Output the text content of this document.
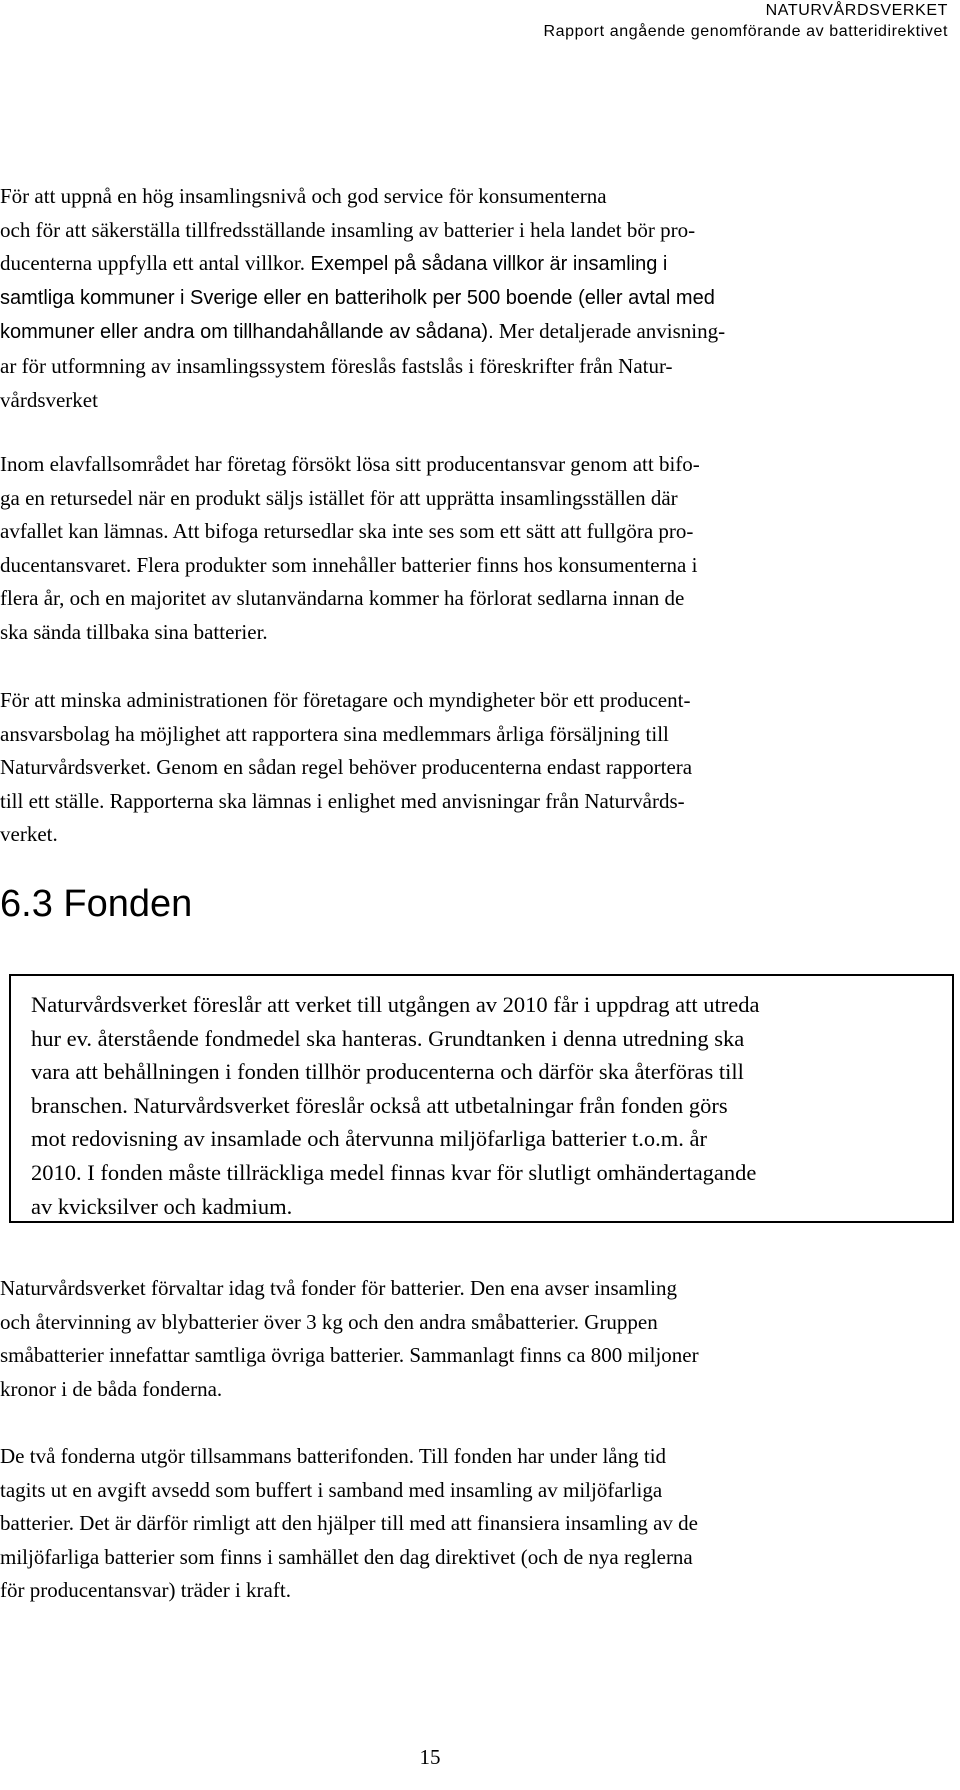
NATURVÅRDSVERKET
Rapport angående genomförande av batteridirektivet

För att uppnå en hög insamlingsnivå och god service för konsumenterna
och för att säkerställa tillfredsställande insamling av batterier i hela landet bör pro-
ducenterna uppfylla ett antal villkor. Exempel på sådana villkor är insamling i
samtliga kommuner i Sverige eller en batteriholk per 500 boende (eller avtal med
kommuner eller andra om tillhandahållande av sådana). Mer detaljerade anvisning-
ar för utformning av insamlingssystem föreslås fastslås i föreskrifter från Natur-
vårdsverket

Inom elavfallsområdet har företag försökt lösa sitt producentansvar genom att bifo-
ga en retursedel när en produkt säljs istället för att upprätta insamlingsställen där
avfallet kan lämnas. Att bifoga retursedlar ska inte ses som ett sätt att fullgöra pro-
ducentansvaret. Flera produkter som innehåller batterier finns hos konsumenterna i
flera år, och en majoritet av slutanvändarna kommer ha förlorat sedlarna innan de
ska sända tillbaka sina batterier.

För att minska administrationen för företagare och myndigheter bör ett producent-
ansvarsbolag ha möjlighet att rapportera sina medlemmars årliga försäljning till
Naturvårdsverket. Genom en sådan regel behöver producenterna endast rapportera
till ett ställe. Rapporterna ska lämnas i enlighet med anvisningar från Naturvårds-
verket.

6.3 Fonden

Naturvårdsverket föreslår att verket till utgången av 2010 får i uppdrag att utreda
hur ev. återstående fondmedel ska hanteras. Grundtanken i denna utredning ska
vara att behållningen i fonden tillhör producenterna och därför ska återföras till
branschen. Naturvårdsverket föreslår också att utbetalningar från fonden görs
mot redovisning av insamlade och återvunna miljöfarliga batterier t.o.m. år
2010. I fonden måste tillräckliga medel finnas kvar för slutligt omhändertagande
av kvicksilver och kadmium.

Naturvårdsverket förvaltar idag två fonder för batterier. Den ena avser insamling
och återvinning av blybatterier över 3 kg och den andra småbatterier. Gruppen
småbatterier innefattar samtliga övriga batterier. Sammanlagt finns ca 800 miljoner
kronor i de båda fonderna.

De två fonderna utgör tillsammans batterifonden. Till fonden har under lång tid
tagits ut en avgift avsedd som buffert i samband med insamling av miljöfarliga
batterier. Det är därför rimligt att den hjälper till med att finansiera insamling av de
miljöfarliga batterier som finns i samhället den dag direktivet (och de nya reglerna
för producentansvar) träder i kraft.

15
